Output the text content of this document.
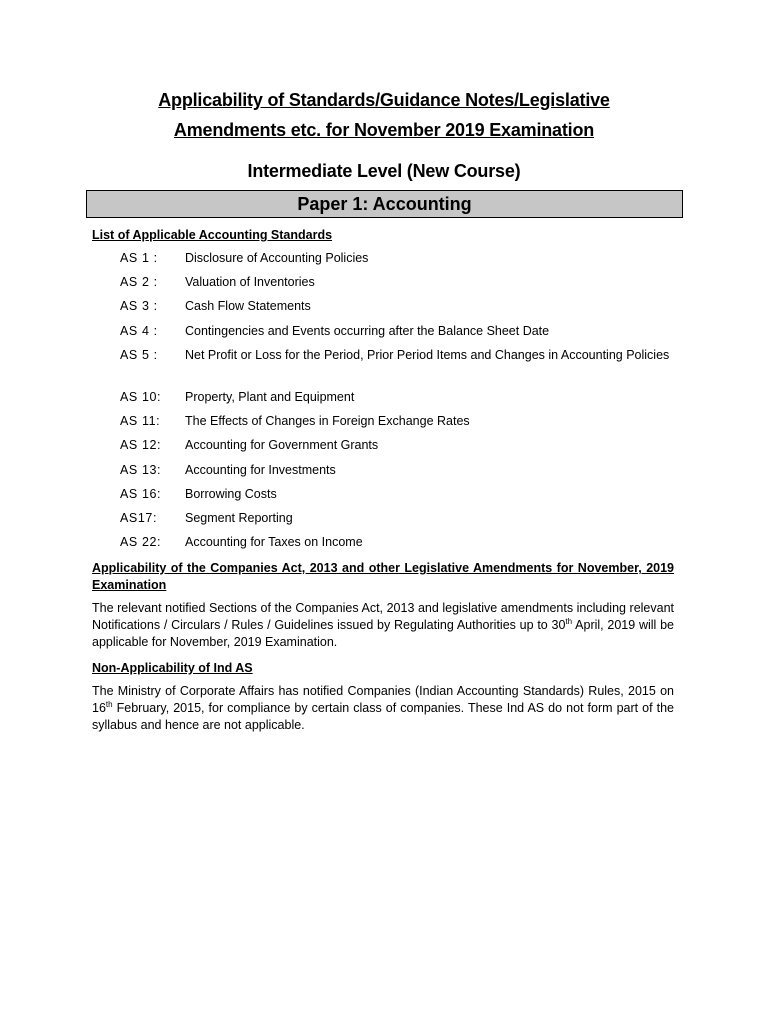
Applicability of Standards/Guidance Notes/Legislative
Amendments etc. for November 2019 Examination
Intermediate Level (New Course)
Paper 1: Accounting
List of Applicable Accounting Standards
AS 1 :	Disclosure of Accounting Policies
AS 2 :	Valuation of Inventories
AS 3 :	Cash Flow Statements
AS 4 :	Contingencies and Events occurring after the Balance Sheet Date
AS 5 :	Net Profit or Loss for the Period, Prior Period Items and Changes in Accounting Policies
AS 10:	Property, Plant and Equipment
AS 11:	The Effects of Changes in Foreign Exchange Rates
AS 12:	Accounting for Government Grants
AS 13:	Accounting for Investments
AS 16:	Borrowing Costs
AS17:	Segment Reporting
AS 22:	Accounting for Taxes on Income
Applicability of the Companies Act, 2013 and other Legislative Amendments for November, 2019 Examination
The relevant notified Sections of the Companies Act, 2013 and legislative amendments including relevant Notifications / Circulars / Rules / Guidelines issued by Regulating Authorities up to 30th April, 2019 will be applicable for November, 2019 Examination.
Non-Applicability of Ind AS
The Ministry of Corporate Affairs has notified Companies (Indian Accounting Standards) Rules, 2015 on 16th February, 2015, for compliance by certain class of companies. These Ind AS do not form part of the syllabus and hence are not applicable.
